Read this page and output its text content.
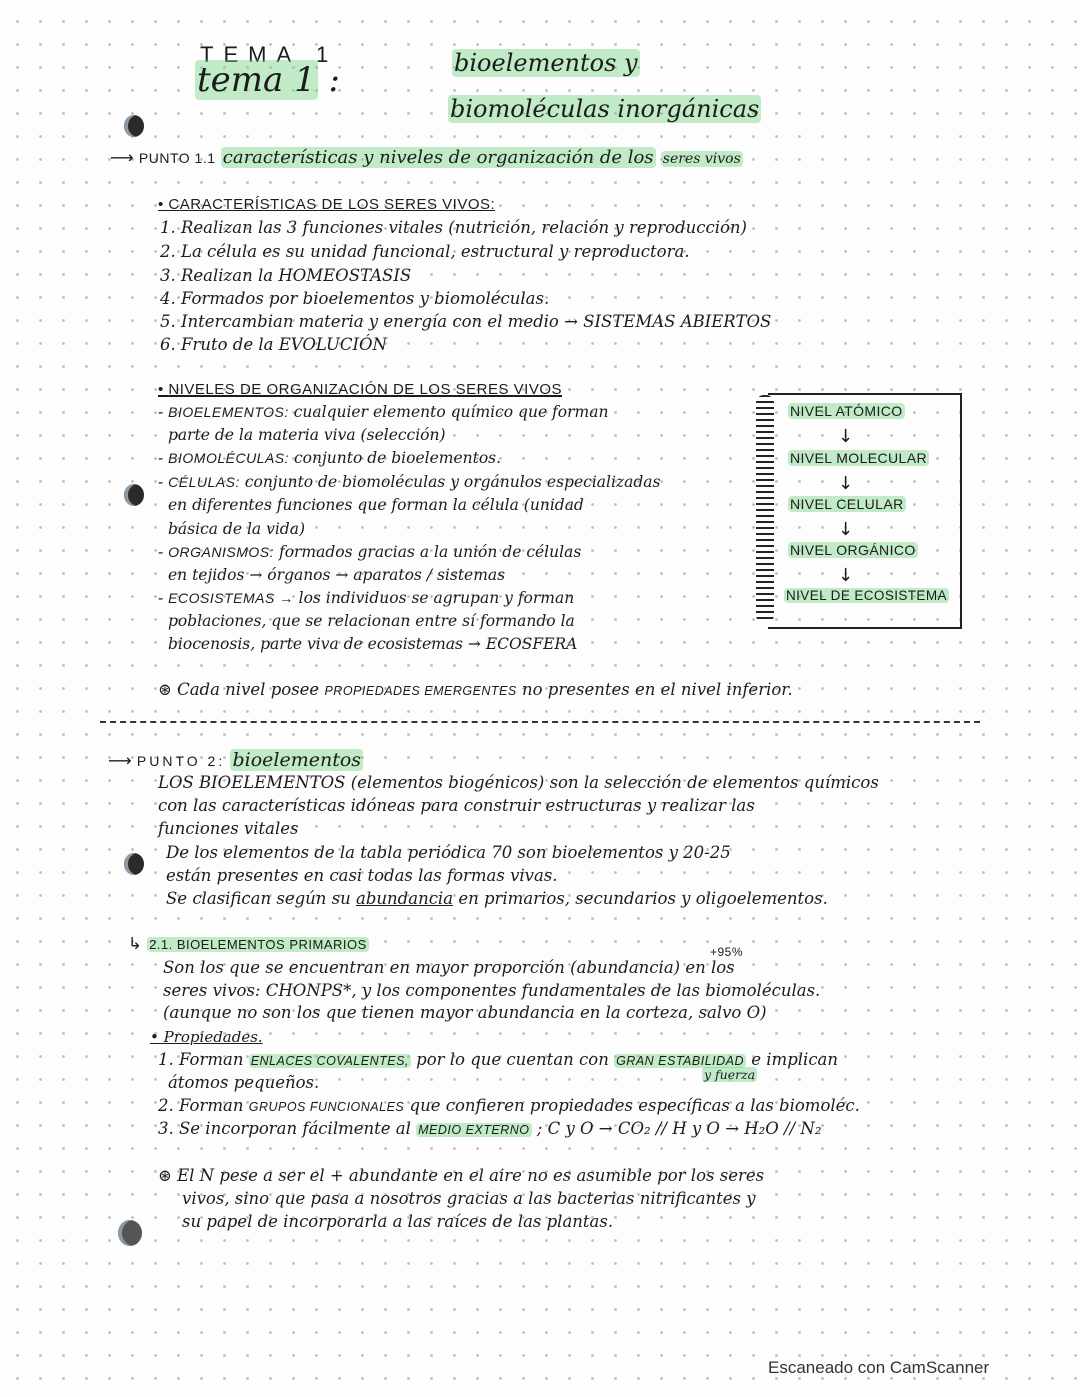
TEMA 1
tema 1 :	bioelementos y
biomoléculas inorgánicas
⟶ PUNTO 1.1 características y niveles de organización de los seres vivos
• CARACTERÍSTICAS DE LOS SERES VIVOS:
1. Realizan las 3 funciones vitales (nutrición, relación y reproducción)
2. La célula es su unidad funcional, estructural y reproductora.
3. Realizan la HOMEOSTASIS
4. Formados por bioelementos y biomoléculas.
5. Intercambian materia y energía con el medio → SISTEMAS ABIERTOS
6. Fruto de la EVOLUCIÓN
• NIVELES DE ORGANIZACIÓN DE LOS SERES VIVOS
- BIOELEMENTOS: cualquier elemento químico que forman
parte de la materia viva (selección)
- BIOMOLÉCULAS: conjunto de bioelementos.
- CÉLULAS: conjunto de biomoléculas y orgánulos especializadas
en diferentes funciones que forman la célula (unidad
básica de la vida)
- ORGANISMOS: formados gracias a la unión de células
en tejidos → órganos → aparatos / sistemas
- ECOSISTEMAS → los individuos se agrupan y forman
poblaciones, que se relacionan entre sí formando la
biocenosis, parte viva de ecosistemas → ECOSFERA
NIVEL ATÓMICO
↓
NIVEL MOLECULAR
↓
NIVEL CELULAR
↓
NIVEL ORGÁNICO
↓
NIVEL DE ECOSISTEMA
⊛ Cada nivel posee PROPIEDADES EMERGENTES no presentes en el nivel inferior.
⟶ PUNTO 2: bioelementos
LOS BIOELEMENTOS (elementos biogénicos) son la selección de elementos químicos
con las características idóneas para construir estructuras y realizar las
funciones vitales
De los elementos de la tabla periódica 70 son bioelementos y 20-25
están presentes en casi todas las formas vivas.
Se clasifican según su abundancia en primarios, secundarios y oligoelementos.
↳ 2.1. BIOELEMENTOS PRIMARIOS	+95%
Son los que se encuentran en mayor proporción (abundancia) en los
seres vivos: CHONPS*, y los componentes fundamentales de las biomoléculas.
(aunque no son los que tienen mayor abundancia en la corteza, salvo O)
• Propiedades.
1. Forman ENLACES COVALENTES, por lo que cuentan con GRAN ESTABILIDAD e implican
y fuerza
átomos pequeños.
2. Forman GRUPOS FUNCIONALES que confieren propiedades específicas a las biomoléc.
3. Se incorporan fácilmente al MEDIO EXTERNO ; C y O → CO₂ // H y O → H₂O // N₂
⊛ El N pese a ser el + abundante en el aire no es asumible por los seres
vivos, sino que pasa a nosotros gracias a las bacterias nitrificantes y
su papel de incorporarla a las raíces de las plantas.
Escaneado con CamScanner
